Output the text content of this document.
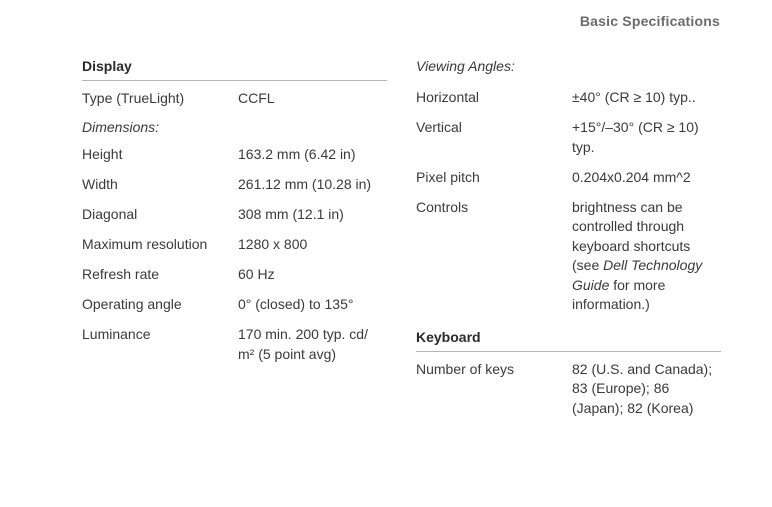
Basic Specifications
Display
Type (TrueLight)	CCFL
Dimensions:
Height	163.2 mm (6.42 in)
Width	261.12 mm (10.28 in)
Diagonal	308 mm (12.1 in)
Maximum resolution	1280 x 800
Refresh rate	60 Hz
Operating angle	0° (closed) to 135°
Luminance	170 min. 200 typ. cd/ m² (5 point avg)
Viewing Angles:
Horizontal	±40° (CR ≥ 10) typ..
Vertical	+15°/–30° (CR ≥ 10) typ.
Pixel pitch	0.204x0.204 mm^2
Controls	brightness can be controlled through keyboard shortcuts (see Dell Technology Guide for more information.)
Keyboard
Number of keys	82 (U.S. and Canada); 83 (Europe); 86 (Japan); 82 (Korea)
